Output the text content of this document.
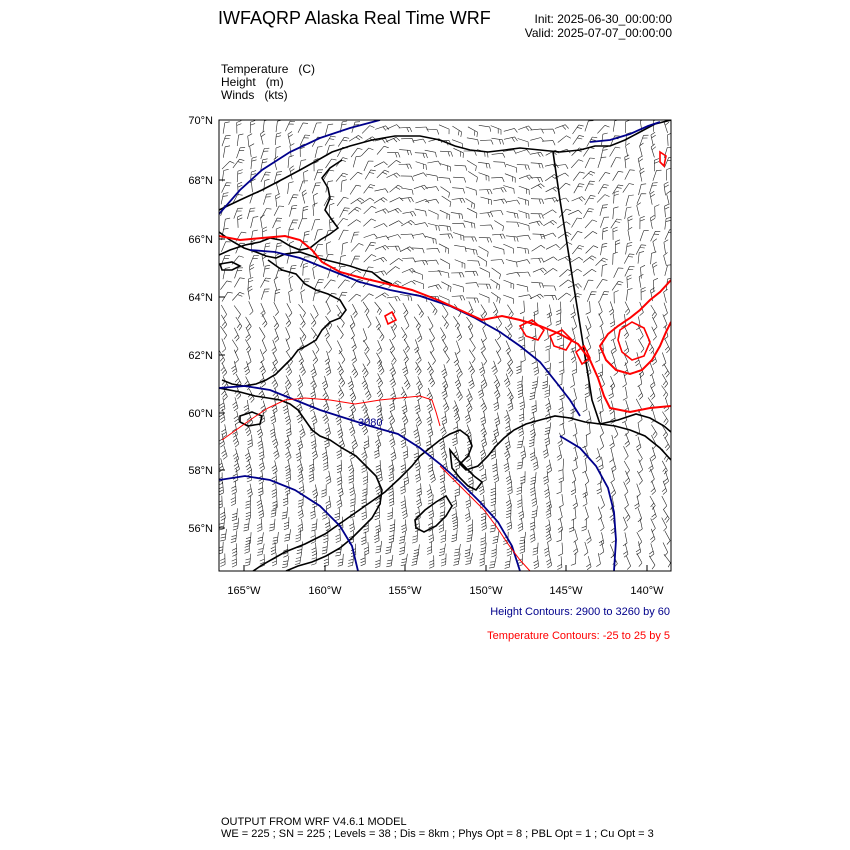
IWFAQRP Alaska Real Time WRF	Init: 2025-06-30_00:00:00
Valid: 2025-07-07_00:00:00
Temperature   (C)
Height   (m)
Winds   (kts)
3080
70°N
68°N
66°N
64°N
62°N
60°N
58°N
56°N
165°W	160°W	155°W	150°W	145°W	140°W
Height Contours: 2900 to 3260 by 60
Temperature Contours: -25 to 25 by 5
OUTPUT FROM WRF V4.6.1 MODEL
WE = 225 ; SN = 225 ; Levels = 38 ; Dis = 8km ; Phys Opt = 8 ; PBL Opt = 1 ; Cu Opt = 3
